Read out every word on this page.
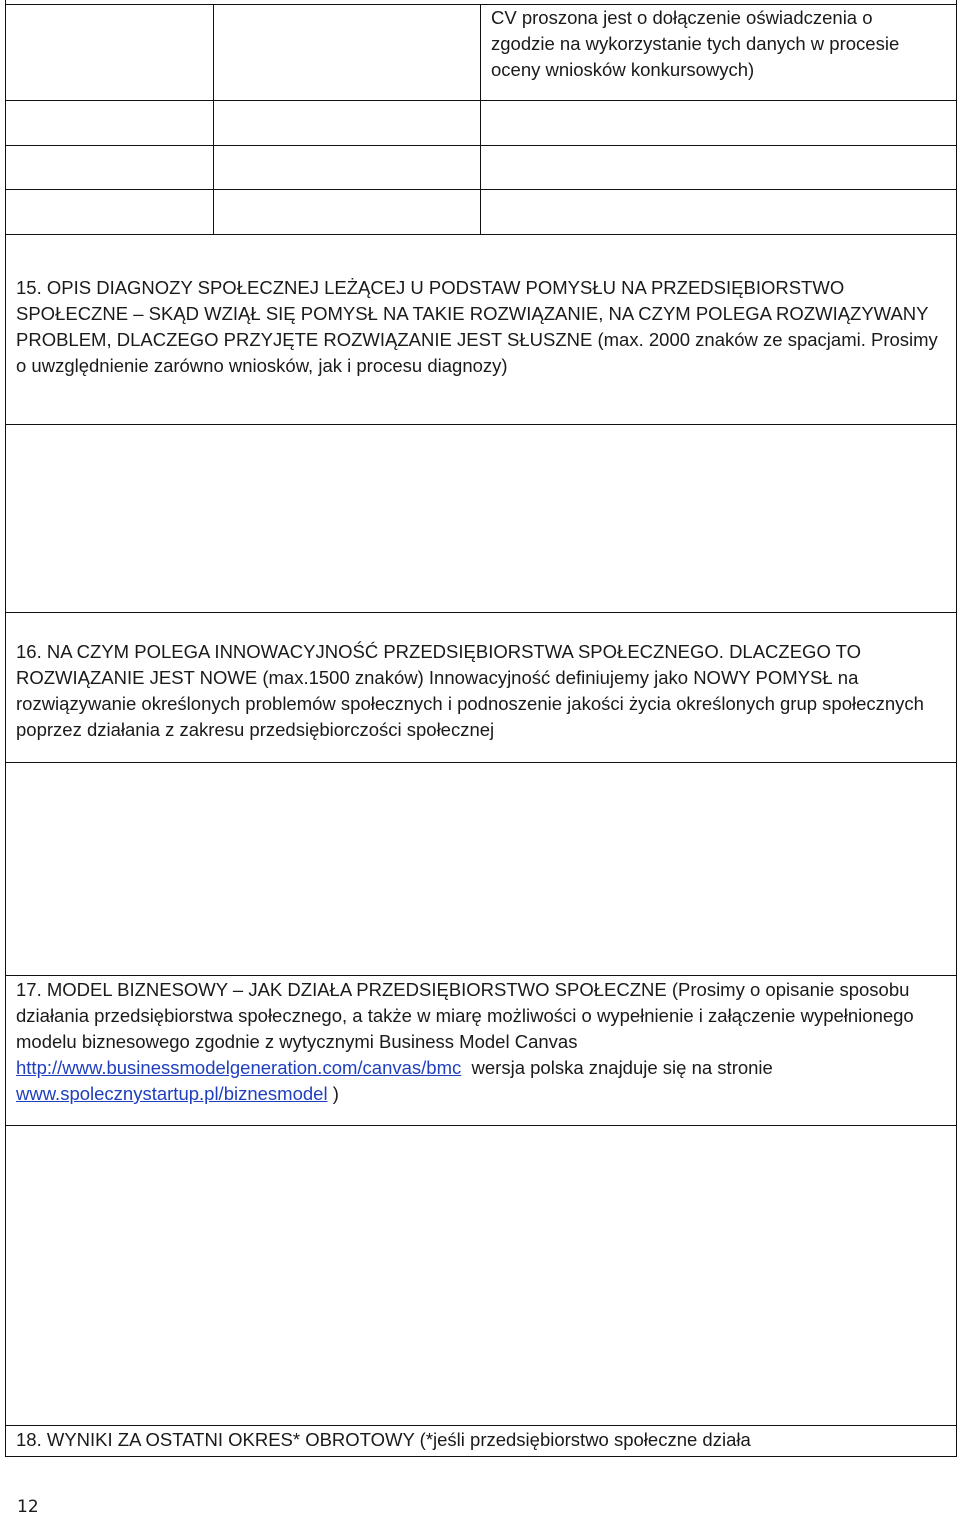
CV proszona jest o dołączenie oświadczenia o zgodzie na wykorzystanie tych danych w procesie oceny wniosków konkursowych)

15. OPIS DIAGNOZY SPOŁECZNEJ LEŻĄCEJ U PODSTAW POMYSŁU NA PRZEDSIĘBIORSTWO SPOŁECZNE – SKĄD WZIĄŁ SIĘ POMYSŁ NA TAKIE ROZWIĄZANIE, NA CZYM POLEGA ROZWIĄZYWANY PROBLEM, DLACZEGO PRZYJĘTE ROZWIĄZANIE JEST SŁUSZNE (max. 2000 znaków ze spacjami. Prosimy o uwzględnienie zarówno wniosków, jak i procesu diagnozy)

16. NA CZYM POLEGA INNOWACYJNOŚĆ PRZEDSIĘBIORSTWA SPOŁECZNEGO. DLACZEGO TO ROZWIĄZANIE JEST NOWE (max.1500 znaków) Innowacyjność definiujemy jako NOWY POMYSŁ na rozwiązywanie określonych problemów społecznych i podnoszenie jakości życia określonych grup społecznych poprzez działania z zakresu przedsiębiorczości społecznej

17. MODEL BIZNESOWY – JAK DZIAŁA PRZEDSIĘBIORSTWO SPOŁECZNE (Prosimy o opisanie sposobu działania przedsiębiorstwa społecznego, a także w miarę możliwości o wypełnienie i załączenie wypełnionego modelu biznesowego zgodnie z wytycznymi Business Model Canvas http://www.businessmodelgeneration.com/canvas/bmc wersja polska znajduje się na stronie www.spolecznystartup.pl/biznesmodel )

18. WYNIKI ZA OSTATNI OKRES* OBROTOWY (*jeśli przedsiębiorstwo społeczne działa

12
